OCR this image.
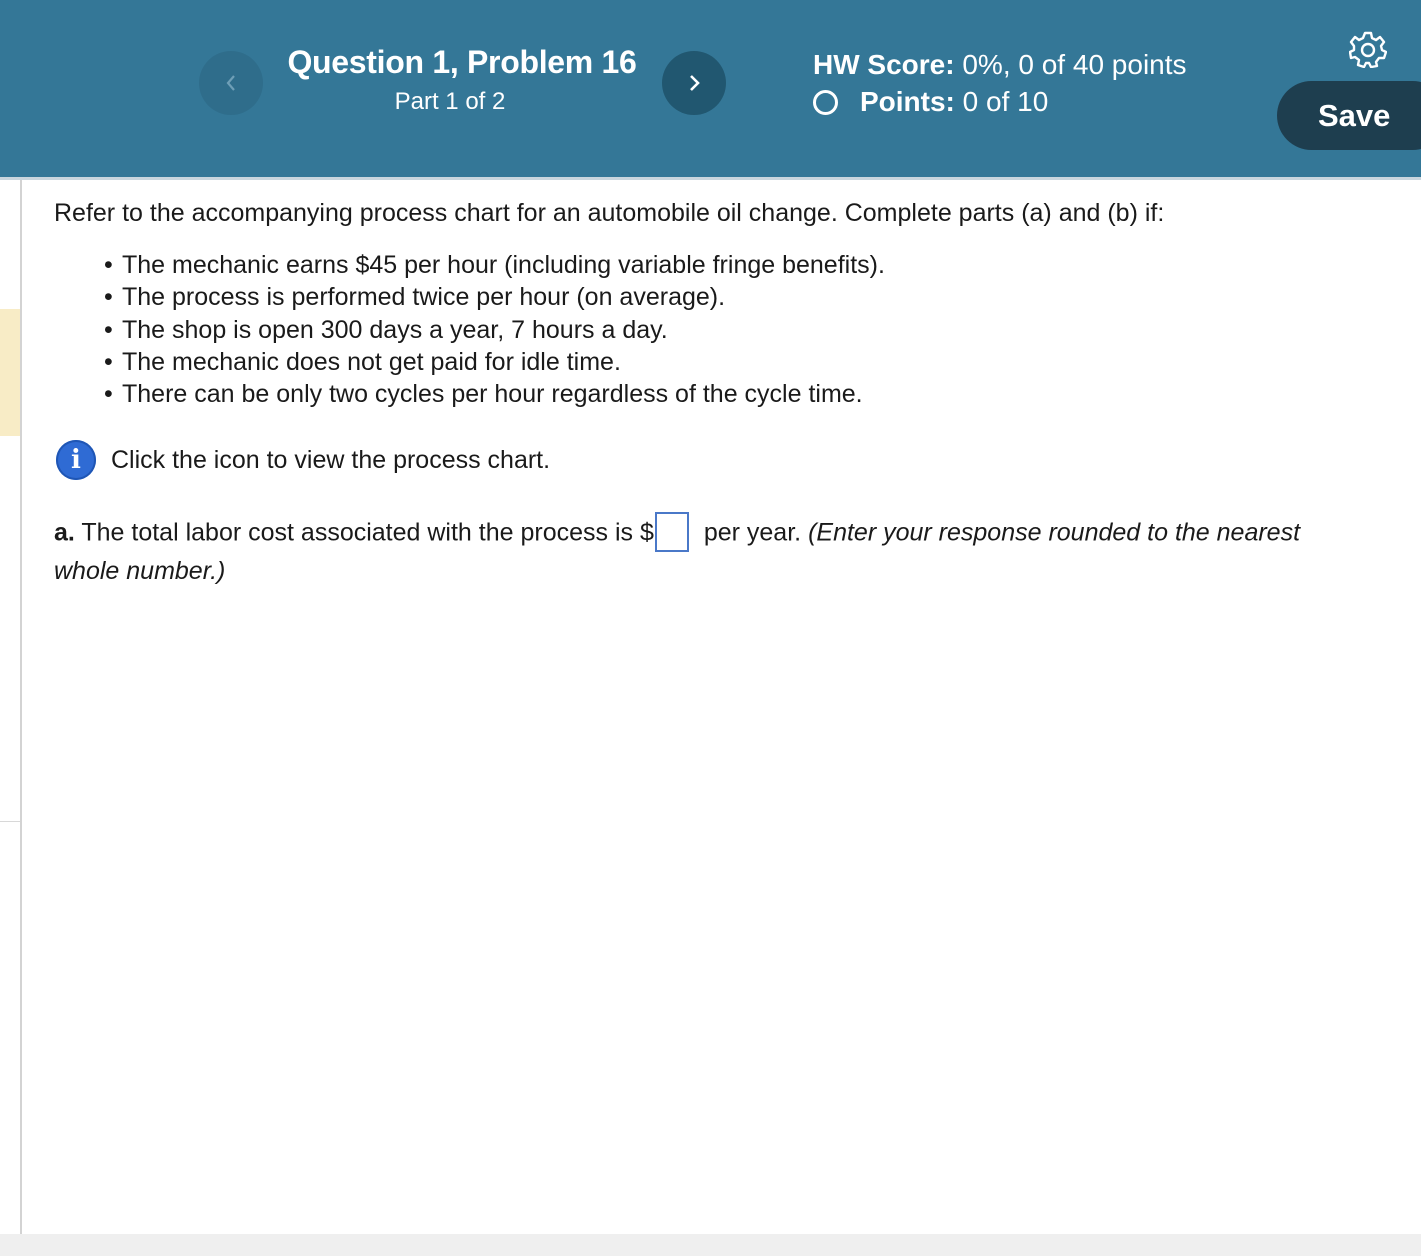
Question 1, Problem 16
Part 1 of 2
HW Score: 0%, 0 of 40 points
Points:
0 of 10	Save
Refer to the accompanying process chart for an automobile oil change. Complete parts (a) and (b) if:
• The mechanic earns $45 per hour (including variable fringe benefits).
• The process is performed twice per hour (on average).
• The shop is open 300 days a year, 7 hours a day.
• The mechanic does not get paid for idle time.
• There can be only two cycles per hour regardless of the cycle time.
i	Click the icon to view the process chart.
a. The total labor cost associated with the process is $ per year. (Enter your response rounded to the nearest
whole number.)
